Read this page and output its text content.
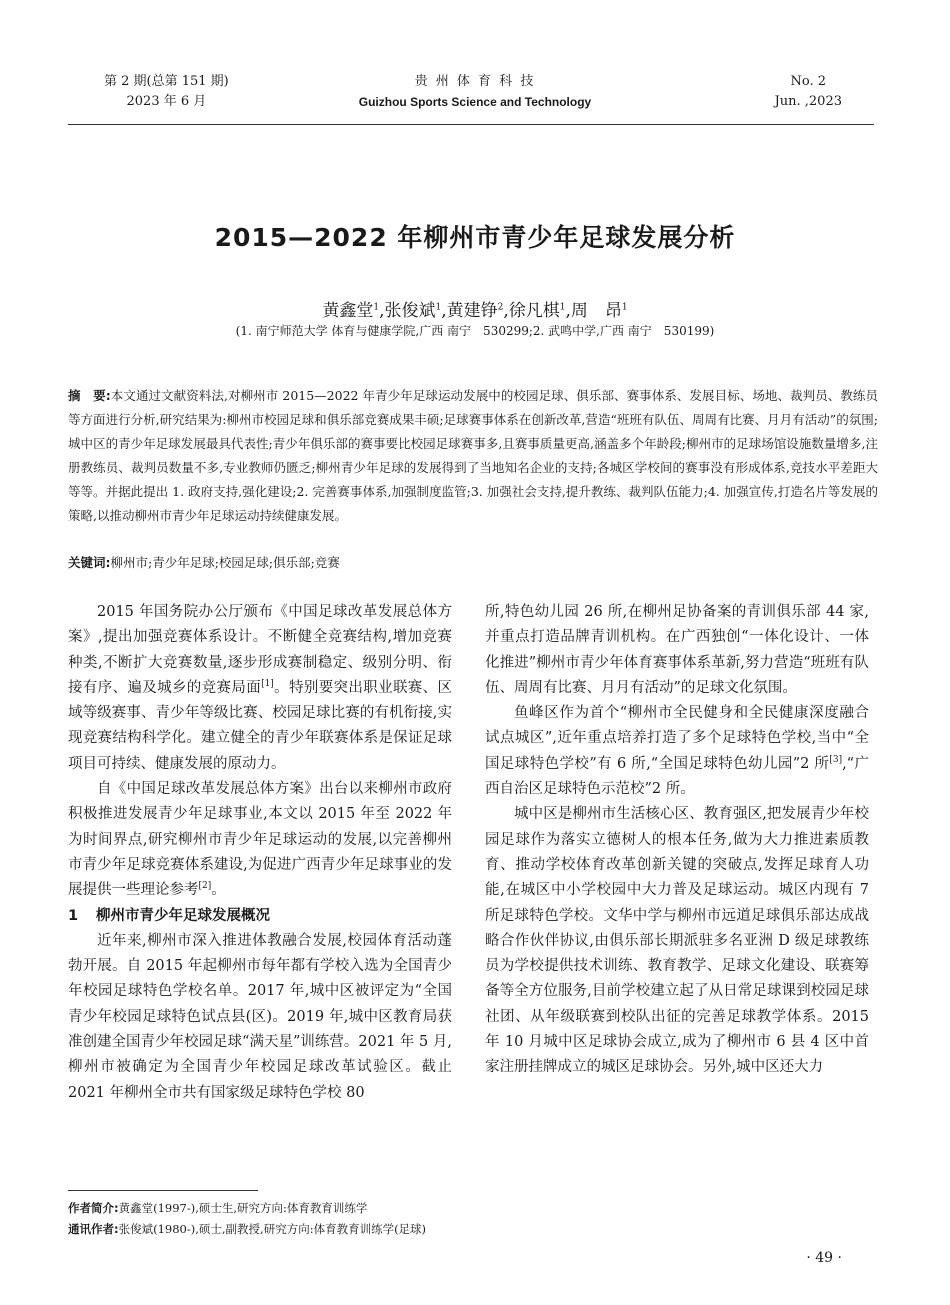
第 2 期(总第 151 期)
2023 年 6 月
贵 州 体 育 科 技
Guizhou Sports Science and Technology
No. 2
Jun. ,2023
2015—2022 年柳州市青少年足球发展分析
黄鑫堂$^1$,张俊斌$^1$,黄建铮$^2$,徐凡棋$^1$,周　昂$^1$
(1. 南宁师范大学 体育与健康学院,广西 南宁　530299;2. 武鸣中学,广西 南宁　530199)
摘　要:本文通过文献资料法,对柳州市 2015—2022 年青少年足球运动发展中的校园足球、俱乐部、赛事体系、发展目标、场地、裁判员、教练员等方面进行分析,研究结果为:柳州市校园足球和俱乐部竞赛成果丰硕;足球赛事体系在创新改革,营造“班班有队伍、周周有比赛、月月有活动”的氛围;城中区的青少年足球发展最具代表性;青少年俱乐部的赛事要比校园足球赛事多,且赛事质量更高,涵盖多个年龄段;柳州市的足球场馆设施数量增多,注册教练员、裁判员数量不多,专业教师仍匮乏;柳州青少年足球的发展得到了当地知名企业的支持;各城区学校间的赛事没有形成体系,竞技水平差距大等等。并据此提出 1. 政府支持,强化建设;2. 完善赛事体系,加强制度监管;3. 加强社会支持,提升教练、裁判队伍能力;4. 加强宣传,打造名片等发展的策略,以推动柳州市青少年足球运动持续健康发展。
关键词:柳州市;青少年足球;校园足球;俱乐部;竞赛

2015 年国务院办公厅颁布《中国足球改革发展总体方案》,提出加强竞赛体系设计。不断健全竞赛结构,增加竞赛种类,不断扩大竞赛数量,逐步形成赛制稳定、级别分明、衔接有序、遍及城乡的竞赛局面[1]。特别要突出职业联赛、区域等级赛事、青少年等级比赛、校园足球比赛的有机衔接,实现竞赛结构科学化。建立健全的青少年联赛体系是保证足球项目可持续、健康发展的原动力。

自《中国足球改革发展总体方案》出台以来柳州市政府积极推进发展青少年足球事业,本文以 2015 年至 2022 年为时间界点,研究柳州市青少年足球运动的发展,以完善柳州市青少年足球竞赛体系建设,为促进广西青少年足球事业的发展提供一些理论参考[2]。

1 柳州市青少年足球发展概况

近年来,柳州市深入推进体教融合发展,校园体育活动蓬勃开展。自 2015 年起柳州市每年都有学校入选为全国青少年校园足球特色学校名单。2017 年,城中区被评定为“全国青少年校园足球特色试点县(区)。2019 年,城中区教育局获准创建全国青少年校园足球“满天星”训练营。2021 年 5 月,柳州市被确定为全国青少年校园足球改革试验区。截止 2021 年柳州全市共有国家级足球特色学校 80

所,特色幼儿园 26 所,在柳州足协备案的青训俱乐部 44 家,并重点打造品牌青训机构。在广西独创“一体化设计、一体化推进”柳州市青少年体育赛事体系革新,努力营造“班班有队伍、周周有比赛、月月有活动”的足球文化氛围。

鱼峰区作为首个“柳州市全民健身和全民健康深度融合试点城区”,近年重点培养打造了多个足球特色学校,当中“全国足球特色学校”有 6 所,“全国足球特色幼儿园”2 所[3],“广西自治区足球特色示范校”2 所。

城中区是柳州市生活核心区、教育强区,把发展青少年校园足球作为落实立德树人的根本任务,做为大力推进素质教育、推动学校体育改革创新关键的突破点,发挥足球育人功能,在城区中小学校园中大力普及足球运动。城区内现有 7 所足球特色学校。文华中学与柳州市远道足球俱乐部达成战略合作伙伴协议,由俱乐部长期派驻多名亚洲 D 级足球教练员为学校提供技术训练、教育教学、足球文化建设、联赛筹备等全方位服务,目前学校建立起了从日常足球课到校园足球社团、从年级联赛到校队出征的完善足球教学体系。2015 年 10 月城中区足球协会成立,成为了柳州市 6 县 4 区中首家注册挂牌成立的城区足球协会。另外,城中区还大力

作者简介:黄鑫堂(1997-),硕士生,研究方向:体育教育训练学
通讯作者:张俊斌(1980-),硕士,副教授,研究方向:体育教育训练学(足球)
· 49 ·
